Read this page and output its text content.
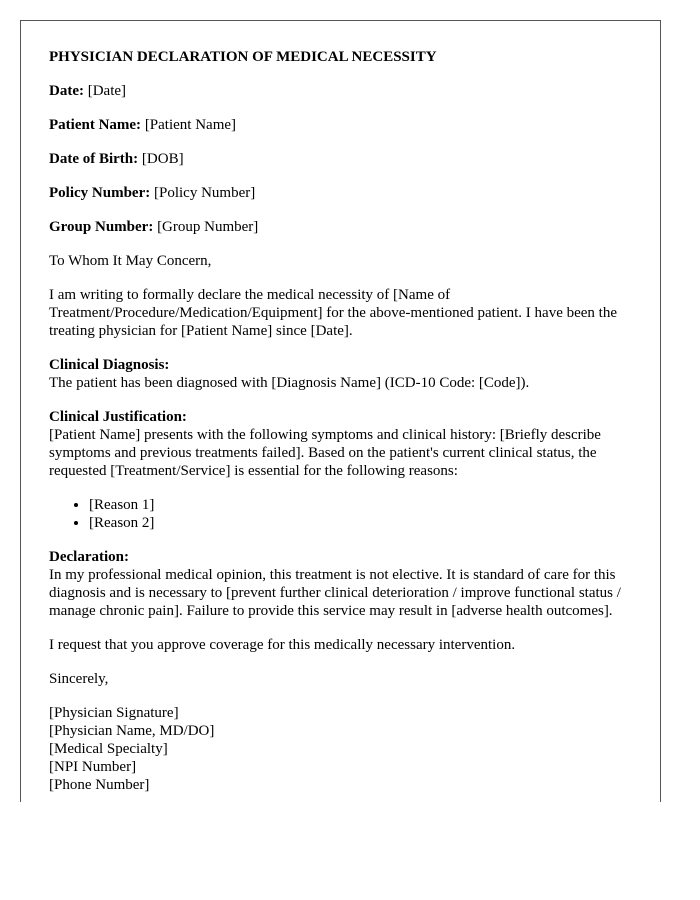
PHYSICIAN DECLARATION OF MEDICAL NECESSITY

Date: [Date]

Patient Name: [Patient Name]

Date of Birth: [DOB]

Policy Number: [Policy Number]

Group Number: [Group Number]

To Whom It May Concern,

I am writing to formally declare the medical necessity of [Name of Treatment/Procedure/Medication/Equipment] for the above-mentioned patient. I have been the treating physician for [Patient Name] since [Date].

Clinical Diagnosis:
The patient has been diagnosed with [Diagnosis Name] (ICD-10 Code: [Code]).

Clinical Justification:
[Patient Name] presents with the following symptoms and clinical history: [Briefly describe symptoms and previous treatments failed]. Based on the patient's current clinical status, the requested [Treatment/Service] is essential for the following reasons:

• [Reason 1]
• [Reason 2]

Declaration:
In my professional medical opinion, this treatment is not elective. It is standard of care for this diagnosis and is necessary to [prevent further clinical deterioration / improve functional status / manage chronic pain]. Failure to provide this service may result in [adverse health outcomes].

I request that you approve coverage for this medically necessary intervention.

Sincerely,

[Physician Signature]

[Physician Name, MD/DO]

[Medical Specialty]

[NPI Number]

[Phone Number]
